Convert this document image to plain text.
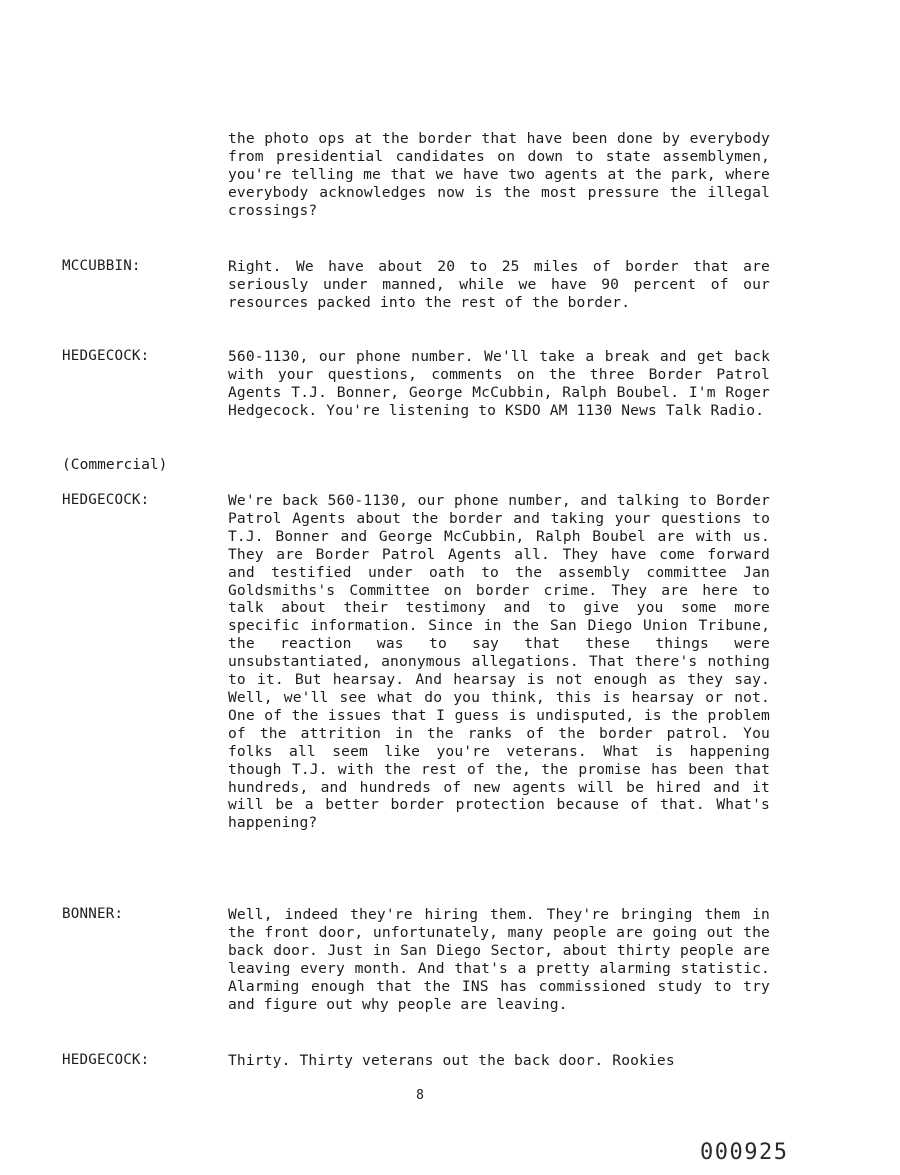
the photo ops at the border that have been done by everybody from presidential candidates on down to state assemblymen, you're telling me that we have two agents at the park, where everybody acknowledges now is the most pressure the illegal crossings?
MCCUBBIN:	Right. We have about 20 to 25 miles of border that are seriously under manned, while we have 90 percent of our resources packed into the rest of the border.
HEDGECOCK:	560-1130, our phone number. We'll take a break and get back with your questions, comments on the three Border Patrol Agents T.J. Bonner, George McCubbin, Ralph Boubel. I'm Roger Hedgecock. You're listening to KSDO AM 1130 News Talk Radio.
(Commercial)
HEDGECOCK:	We're back 560-1130, our phone number, and talking to Border Patrol Agents about the border and taking your questions to T.J. Bonner and George McCubbin, Ralph Boubel are with us. They are Border Patrol Agents all. They have come forward and testified under oath to the assembly committee Jan Goldsmiths's Committee on border crime. They are here to talk about their testimony and to give you some more specific information. Since in the San Diego Union Tribune, the reaction was to say that these things were unsubstantiated, anonymous allegations. That there's nothing to it. But hearsay. And hearsay is not enough as they say. Well, we'll see what do you think, this is hearsay or not. One of the issues that I guess is undisputed, is the problem of the attrition in the ranks of the border patrol. You folks all seem like you're veterans. What is happening though T.J. with the rest of the, the promise has been that hundreds, and hundreds of new agents will be hired and it will be a better border protection because of that. What's happening?
BONNER:	Well, indeed they're hiring them. They're bringing them in the front door, unfortunately, many people are going out the back door. Just in San Diego Sector, about thirty people are leaving every month. And that's a pretty alarming statistic. Alarming enough that the INS has commissioned study to try and figure out why people are leaving.
HEDGECOCK:	Thirty. Thirty veterans out the back door. Rookies
8
000925
